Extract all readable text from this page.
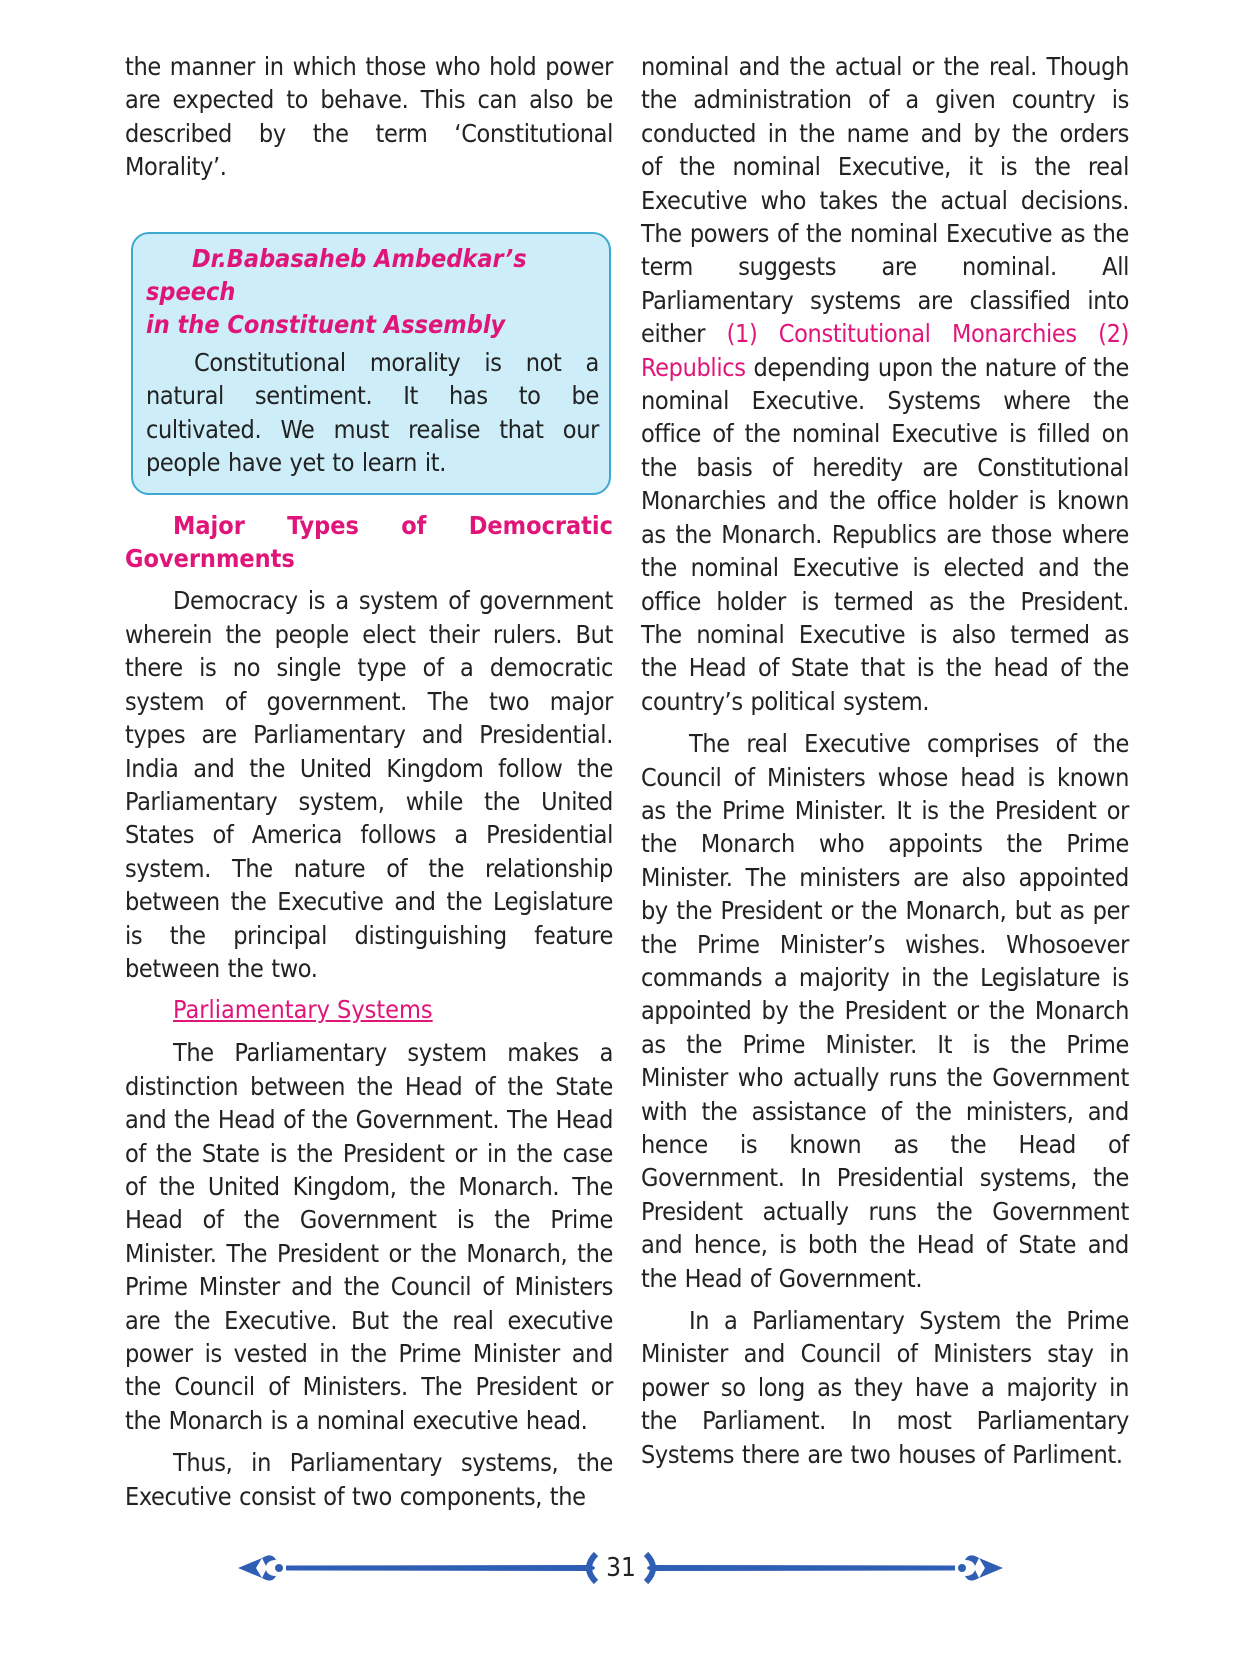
the manner in which those who hold power are expected to behave. This can also be described by the term ‘Constitutional Morality’.

Dr.Babasaheb Ambedkar’s speech
in the Constituent Assembly

Constitutional morality is not a natural sentiment. It has to be cultivated. We must realise that our people have yet to learn it.

Major Types of Democratic
Governments

Democracy is a system of government wherein the people elect their rulers. But there is no single type of a democratic system of government. The two major types are Parliamentary and Presidential. India and the United Kingdom follow the Parliamentary system, while the United States of America follows a Presidential system. The nature of the relationship between the Executive and the Legislature is the principal distinguishing feature between the two.

Parliamentary Systems

The Parliamentary system makes a distinction between the Head of the State and the Head of the Government. The Head of the State is the President or in the case of the United Kingdom, the Monarch. The Head of the Government is the Prime Minister. The President or the Monarch, the Prime Minster and the Council of Ministers are the Executive. But the real executive power is vested in the Prime Minister and the Council of Ministers. The President or the Monarch is a nominal executive head.

Thus, in Parliamentary systems, the Executive consist of two components, the

nominal and the actual or the real. Though the administration of a given country is conducted in the name and by the orders of the nominal Executive, it is the real Executive who takes the actual decisions. The powers of the nominal Executive as the term suggests are nominal. All Parliamentary systems are classified into either (1) Constitutional Monarchies (2) Republics depending upon the nature of the nominal Executive. Systems where the office of the nominal Executive is filled on the basis of heredity are Constitutional Monarchies and the office holder is known as the Monarch. Republics are those where the nominal Executive is elected and the office holder is termed as the President. The nominal Executive is also termed as the Head of State that is the head of the country’s political system.

The real Executive comprises of the Council of Ministers whose head is known as the Prime Minister. It is the President or the Monarch who appoints the Prime Minister. The ministers are also appointed by the President or the Monarch, but as per the Prime Minister’s wishes. Whosoever commands a majority in the Legislature is appointed by the President or the Monarch as the Prime Minister. It is the Prime Minister who actually runs the Government with the assistance of the ministers, and hence is known as the Head of Government. In Presidential systems, the President actually runs the Government and hence, is both the Head of State and the Head of Government.

In a Parliamentary System the Prime Minister and Council of Ministers stay in power so long as they have a majority in the Parliament. In most Parliamentary Systems there are two houses of Parliment.

31
